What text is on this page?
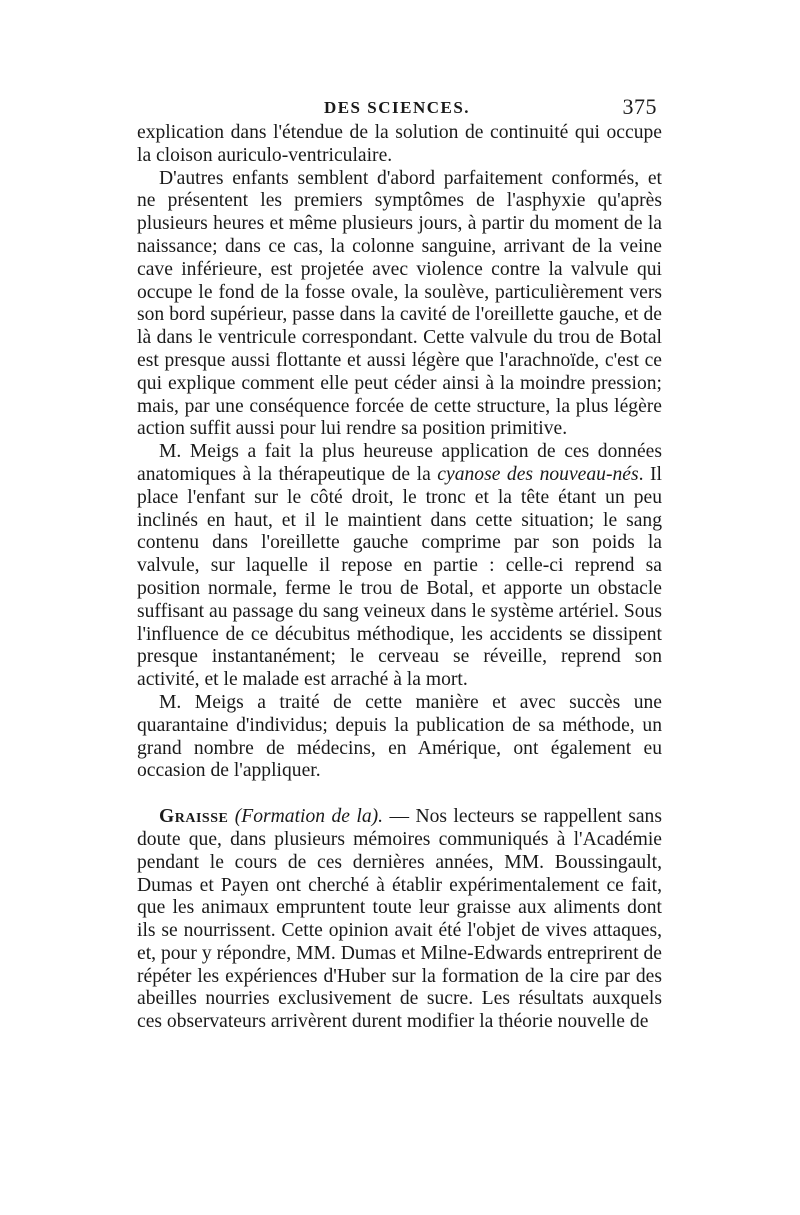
DES SCIENCES.	375

explication dans l'étendue de la solution de continuité qui occupe la cloison auriculo-ventriculaire.

D'autres enfants semblent d'abord parfaitement conformés, et ne présentent les premiers symptômes de l'asphyxie qu'après plusieurs heures et même plusieurs jours, à partir du moment de la naissance; dans ce cas, la colonne sanguine, arrivant de la veine cave inférieure, est projetée avec violence contre la valvule qui occupe le fond de la fosse ovale, la soulève, particulièrement vers son bord supérieur, passe dans la cavité de l'oreillette gauche, et de là dans le ventricule correspondant. Cette valvule du trou de Botal est presque aussi flottante et aussi légère que l'arachnoïde, c'est ce qui explique comment elle peut céder ainsi à la moindre pression; mais, par une conséquence forcée de cette structure, la plus légère action suffit aussi pour lui rendre sa position primitive.

M. Meigs a fait la plus heureuse application de ces données anatomiques à la thérapeutique de la cyanose des nouveau-nés. Il place l'enfant sur le côté droit, le tronc et la tête étant un peu inclinés en haut, et il le maintient dans cette situation; le sang contenu dans l'oreillette gauche comprime par son poids la valvule, sur laquelle il repose en partie : celle-ci reprend sa position normale, ferme le trou de Botal, et apporte un obstacle suffisant au passage du sang veineux dans le système artériel. Sous l'influence de ce décubitus méthodique, les accidents se dissipent presque instantanément; le cerveau se réveille, reprend son activité, et le malade est arraché à la mort.

M. Meigs a traité de cette manière et avec succès une quarantaine d'individus; depuis la publication de sa méthode, un grand nombre de médecins, en Amérique, ont également eu occasion de l'appliquer.

Graisse (Formation de la). — Nos lecteurs se rappellent sans doute que, dans plusieurs mémoires communiqués à l'Académie pendant le cours de ces dernières années, MM. Boussingault, Dumas et Payen ont cherché à établir expérimentalement ce fait, que les animaux empruntent toute leur graisse aux aliments dont ils se nourrissent. Cette opinion avait été l'objet de vives attaques, et, pour y répondre, MM. Dumas et Milne-Edwards entreprirent de répéter les expériences d'Huber sur la formation de la cire par des abeilles nourries exclusivement de sucre. Les résultats auxquels ces observateurs arrivèrent durent modifier la théorie nouvelle de
